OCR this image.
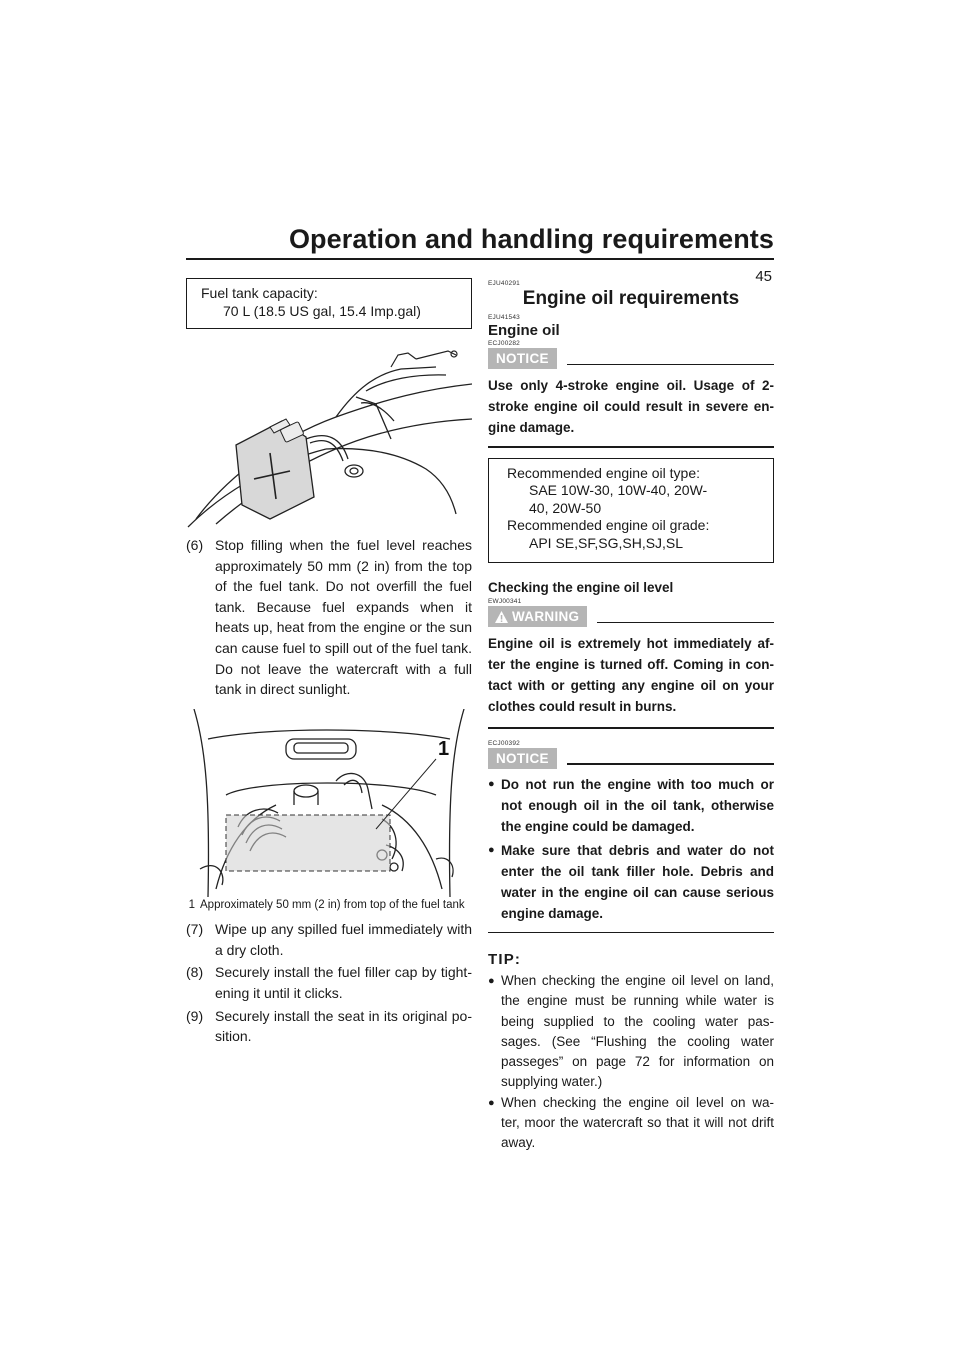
Operation and handling requirements
45
Fuel tank capacity:
70 L (18.5 US gal, 15.4 Imp.gal)
(6) Stop filling when the fuel level reaches approximately 50 mm (2 in) from the top of the fuel tank. Do not overfill the fuel tank. Because fuel expands when it heats up, heat from the engine or the sun can cause fuel to spill out of the fuel tank. Do not leave the watercraft with a full tank in direct sunlight.
1
1 Approximately 50 mm (2 in) from top of the fuel tank
(7) Wipe up any spilled fuel immediately with a dry cloth.
(8) Securely install the fuel filler cap by tight- ening it until it clicks.
(9) Securely install the seat in its original po- sition.
EJU40291
Engine oil requirements
EJU41543
Engine oil
ECJ00282
NOTICE
Use only 4-stroke engine oil. Usage of 2-stroke engine oil could result in severe en- gine damage.
Recommended engine oil type:
SAE 10W-30, 10W-40, 20W-40, 20W-50
Recommended engine oil grade:
API SE,SF,SG,SH,SJ,SL
Checking the engine oil level
EWJ00341
WARNING
Engine oil is extremely hot immediately af- ter the engine is turned off. Coming in con- tact with or getting any engine oil on your clothes could result in burns.
ECJ00392
NOTICE
● Do not run the engine with too much or not enough oil in the oil tank, otherwise the engine could be damaged.
● Make sure that debris and water do not enter the oil tank filler hole. Debris and water in the engine oil can cause serious engine damage.
TIP:
● When checking the engine oil level on land, the engine must be running while water is being supplied to the cooling water pas- sages. (See “Flushing the cooling water passeges” on page 72 for information on supplying water.)
● When checking the engine oil level on wa- ter, moor the watercraft so that it will not drift away.
